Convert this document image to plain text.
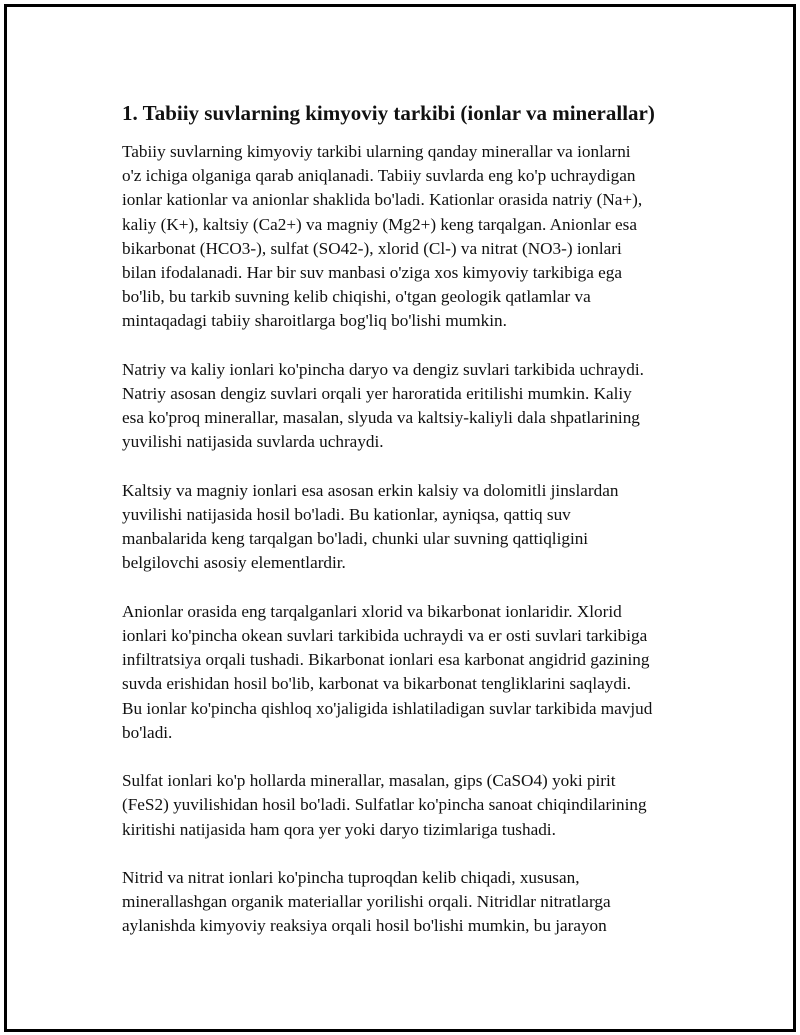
1. Tabiiy suvlarning kimyoviy tarkibi (ionlar va minerallar)
Tabiiy suvlarning kimyoviy tarkibi ularning qanday minerallar va ionlarni
o'z ichiga olganiga qarab aniqlanadi. Tabiiy suvlarda eng ko'p uchraydigan
ionlar kationlar va anionlar shaklida bo'ladi. Kationlar orasida natriy (Na+),
kaliy (K+), kaltsiy (Ca2+) va magniy (Mg2+) keng tarqalgan. Anionlar esa
bikarbonat (HCO3-), sulfat (SO42-), xlorid (Cl-) va nitrat (NO3-) ionlari
bilan ifodalanadi. Har bir suv manbasi o'ziga xos kimyoviy tarkibiga ega
bo'lib, bu tarkib suvning kelib chiqishi, o'tgan geologik qatlamlar va
mintaqadagi tabiiy sharoitlarga bog'liq bo'lishi mumkin.
Natriy va kaliy ionlari ko'pincha daryo va dengiz suvlari tarkibida uchraydi.
Natriy asosan dengiz suvlari orqali yer haroratida eritilishi mumkin. Kaliy
esa ko'proq minerallar, masalan, slyuda va kaltsiy-kaliyli dala shpatlarining
yuvilishi natijasida suvlarda uchraydi.
Kaltsiy va magniy ionlari esa asosan erkin kalsiy va dolomitli jinslardan
yuvilishi natijasida hosil bo'ladi. Bu kationlar, ayniqsa, qattiq suv
manbalarida keng tarqalgan bo'ladi, chunki ular suvning qattiqligini
belgilovchi asosiy elementlardir.
Anionlar orasida eng tarqalganlari xlorid va bikarbonat ionlaridir. Xlorid
ionlari ko'pincha okean suvlari tarkibida uchraydi va er osti suvlari tarkibiga
infiltratsiya orqali tushadi. Bikarbonat ionlari esa karbonat angidrid gazining
suvda erishidan hosil bo'lib, karbonat va bikarbonat tengliklarini saqlaydi.
Bu ionlar ko'pincha qishloq xo'jaligida ishlatiladigan suvlar tarkibida mavjud
bo'ladi.
Sulfat ionlari ko'p hollarda minerallar, masalan, gips (CaSO4) yoki pirit
(FeS2) yuvilishidan hosil bo'ladi. Sulfatlar ko'pincha sanoat chiqindilarining
kiritishi natijasida ham qora yer yoki daryo tizimlariga tushadi.
Nitrid va nitrat ionlari ko'pincha tuproqdan kelib chiqadi, xususan,
minerallashgan organik materiallar yorilishi orqali. Nitridlar nitratlarga
aylanishda kimyoviy reaksiya orqali hosil bo'lishi mumkin, bu jarayon
